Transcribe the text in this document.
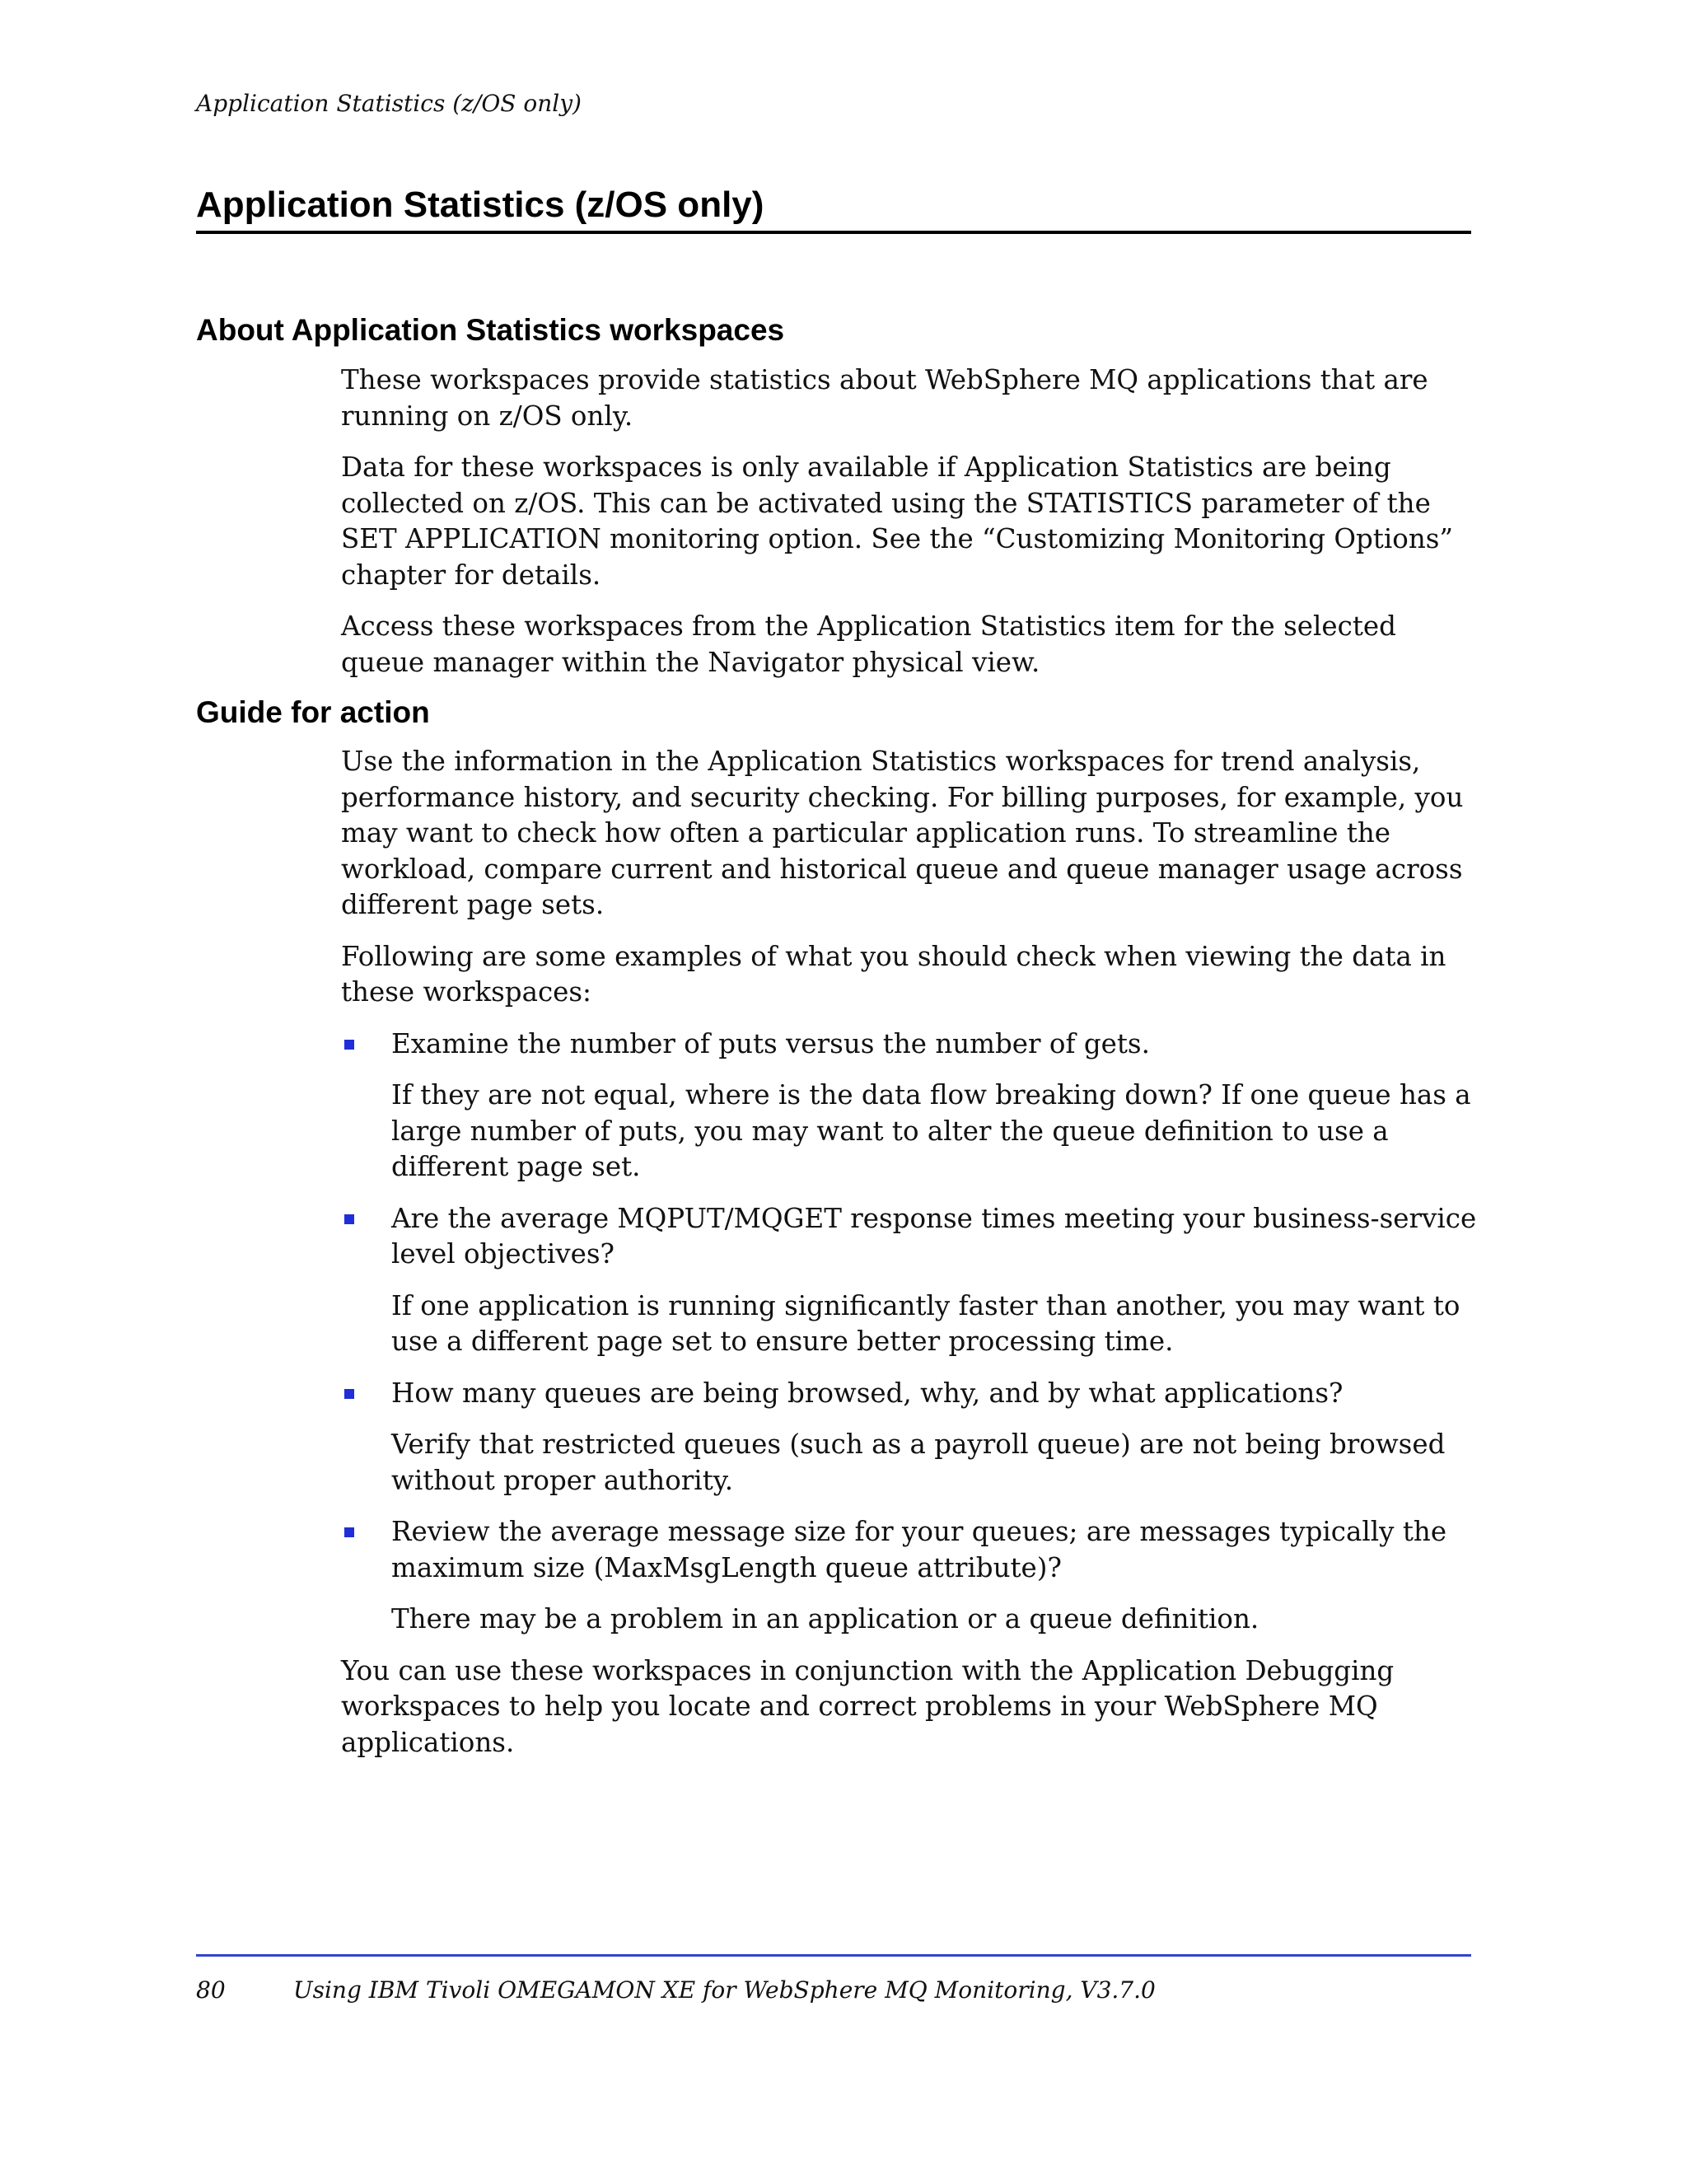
Application Statistics (z/OS only)
Application Statistics (z/OS only)
About Application Statistics workspaces

These workspaces provide statistics about WebSphere MQ applications that are running on z/OS only.

Data for these workspaces is only available if Application Statistics are being collected on z/OS. This can be activated using the STATISTICS parameter of the SET APPLICATION monitoring option. See the “Customizing Monitoring Options” chapter for details.

Access these workspaces from the Application Statistics item for the selected queue manager within the Navigator physical view.

Guide for action

Use the information in the Application Statistics workspaces for trend analysis, performance history, and security checking. For billing purposes, for example, you may want to check how often a particular application runs. To streamline the workload, compare current and historical queue and queue manager usage across different page sets.

Following are some examples of what you should check when viewing the data in these workspaces:

Examine the number of puts versus the number of gets.

If they are not equal, where is the data flow breaking down? If one queue has a large number of puts, you may want to alter the queue definition to use a different page set.

Are the average MQPUT/MQGET response times meeting your business-service level objectives?

If one application is running significantly faster than another, you may want to use a different page set to ensure better processing time.

How many queues are being browsed, why, and by what applications?

Verify that restricted queues (such as a payroll queue) are not being browsed without proper authority.

Review the average message size for your queues; are messages typically the maximum size (MaxMsgLength queue attribute)?

There may be a problem in an application or a queue definition.

You can use these workspaces in conjunction with the Application Debugging workspaces to help you locate and correct problems in your WebSphere MQ applications.

80	Using IBM Tivoli OMEGAMON XE for WebSphere MQ Monitoring, V3.7.0
